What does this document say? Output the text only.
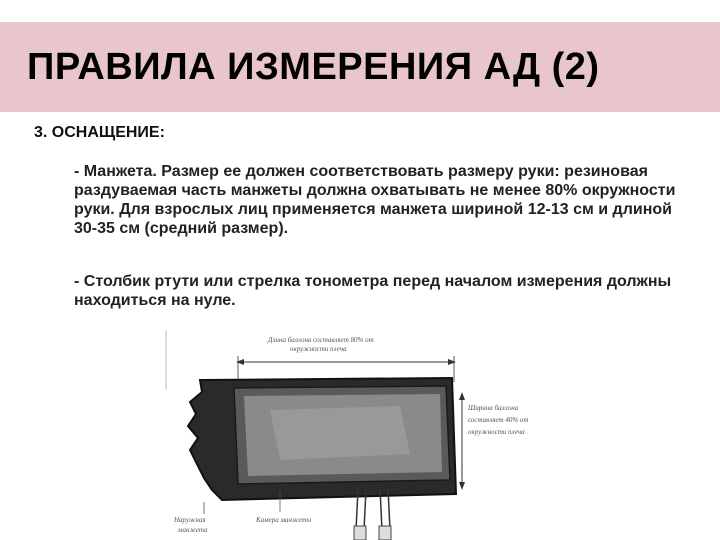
ПРАВИЛА ИЗМЕРЕНИЯ АД (2)
3. ОСНАЩЕНИЕ:

- Манжета. Размер ее должен соответствовать размеру руки: резиновая раздуваемая часть манжеты должна охватывать не менее 80% окружности руки. Для взрослых лиц применяется манжета шириной 12-13 см и длиной 30-35 см (средний размер).

- Столбик ртути или стрелка тонометра перед началом измерения должны находиться на нуле.

Длина баллона составляет 80% от
окружности плеча
Ширина баллона
составляет 40% от
окружности плеча
Наружная
манжета
Камера манжеты
